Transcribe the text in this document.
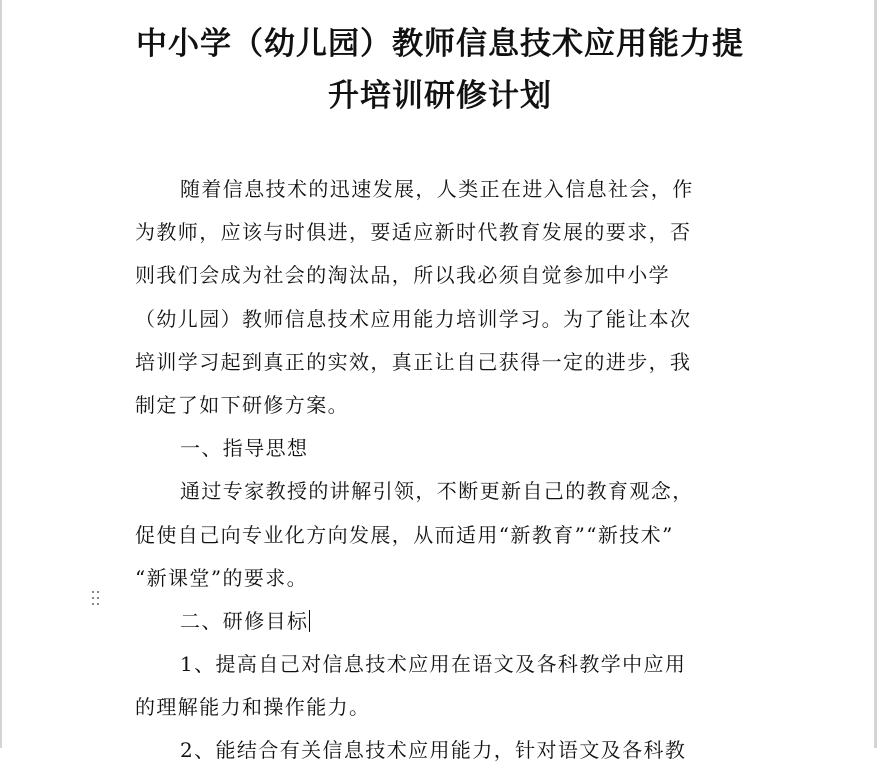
中小学（幼儿园）教师信息技术应用能力提
升培训研修计划
随着信息技术的迅速发展，人类正在进入信息社会，作
为教师，应该与时俱进，要适应新时代教育发展的要求，否
则我们会成为社会的淘汰品，所以我必须自觉参加中小学
（幼儿园）教师信息技术应用能力培训学习。为了能让本次
培训学习起到真正的实效，真正让自己获得一定的进步，我
制定了如下研修方案。
一、指导思想
通过专家教授的讲解引领，不断更新自己的教育观念，
促使自己向专业化方向发展，从而适用“新教育”“新技术”
“新课堂”的要求。
二、研修目标
1、提高自己对信息技术应用在语文及各科教学中应用
的理解能力和操作能力。
2、能结合有关信息技术应用能力，针对语文及各科教
